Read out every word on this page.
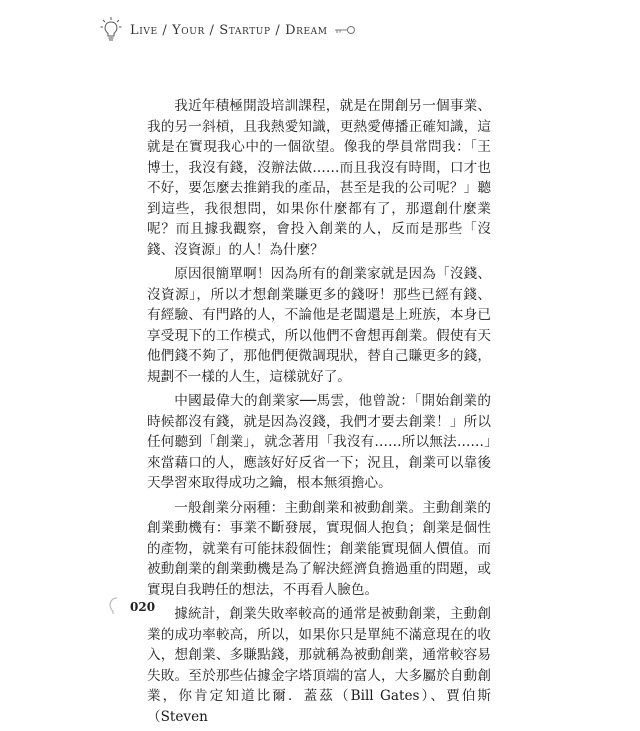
Live / Your / Startup / Dream

我近年積極開設培訓課程，就是在開創另一個事業、我的另一斜槓，且我熱愛知識，更熱愛傳播正確知識，這就是在實現我心中的一個欲望。像我的學員常問我：「王博士，我沒有錢，沒辦法做……而且我沒有時間，口才也不好，要怎麼去推銷我的產品，甚至是我的公司呢？」聽到這些，我很想問，如果你什麼都有了，那還創什麼業呢？而且據我觀察，會投入創業的人，反而是那些「沒錢、沒資源」的人！為什麼？

原因很簡單啊！因為所有的創業家就是因為「沒錢、沒資源」，所以才想創業賺更多的錢呀！那些已經有錢、有經驗、有門路的人，不論他是老闆還是上班族，本身已享受現下的工作模式，所以他們不會想再創業。假使有天他們錢不夠了，那他們便微調現狀，替自己賺更多的錢，規劃不一樣的人生，這樣就好了。

中國最偉大的創業家──馬雲，他曾說：「開始創業的時候都沒有錢，就是因為沒錢，我們才要去創業！」所以任何聽到「創業」，就念著用「我沒有……所以無法……」來當藉口的人，應該好好反省一下；況且，創業可以靠後天學習來取得成功之鑰，根本無須擔心。

一般創業分兩種：主動創業和被動創業。主動創業的創業動機有：事業不斷發展，實現個人抱負；創業是個性的產物，就業有可能抹殺個性；創業能實現個人價值。而被動創業的創業動機是為了解決經濟負擔過重的問題，或實現自我聘任的想法，不再看人臉色。

據統計，創業失敗率較高的通常是被動創業，主動創業的成功率較高，所以，如果你只是單純不滿意現在的收入，想創業、多賺點錢，那就稱為被動創業，通常較容易失敗。至於那些佔據金字塔頂端的富人，大多屬於自動創業，你肯定知道比爾．蓋茲（Bill Gates）、賈伯斯（Steven

020
